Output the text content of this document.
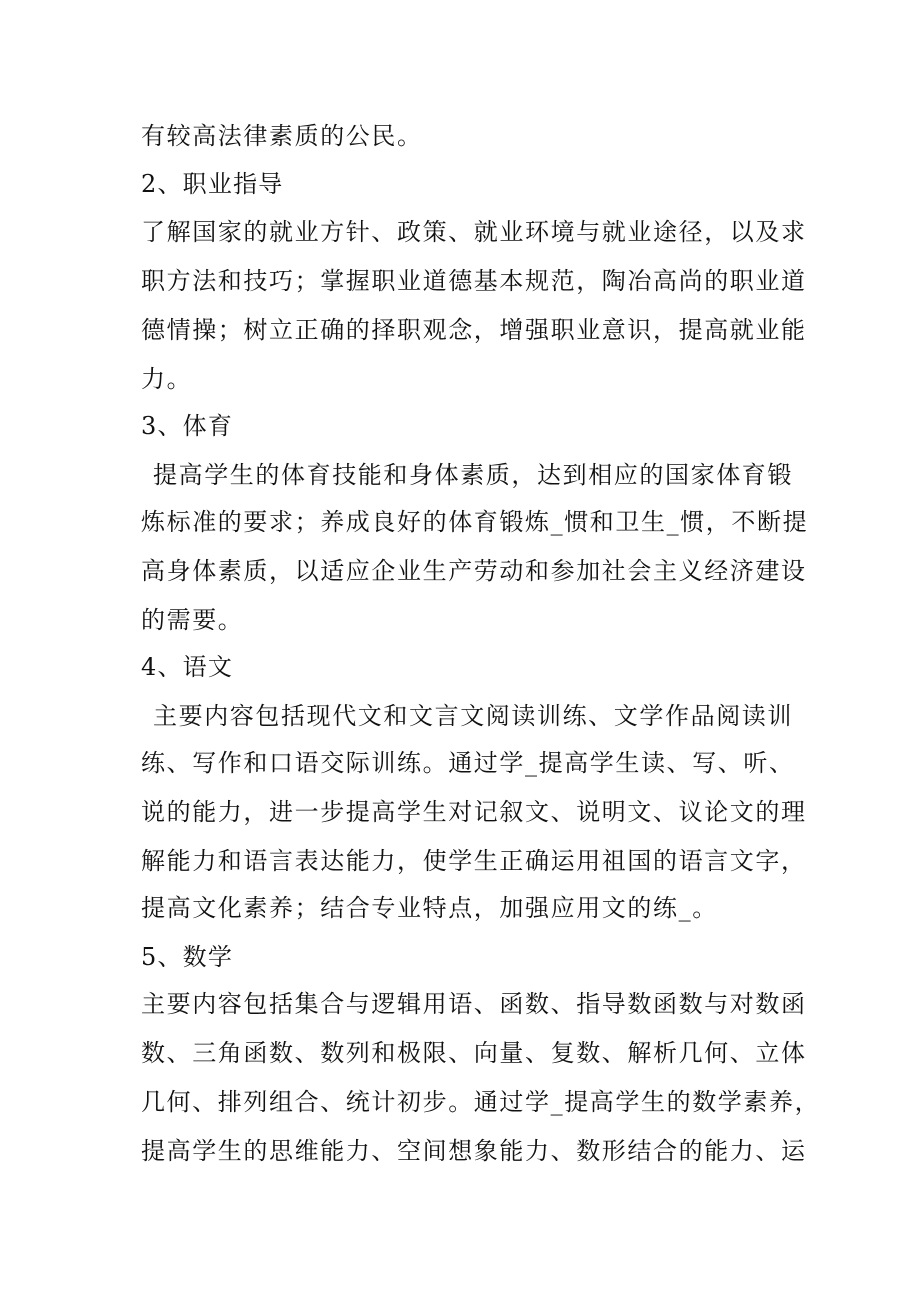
有较高法律素质的公民。
2、职业指导
了解国家的就业方针、政策、就业环境与就业途径，以及求
职方法和技巧；掌握职业道德基本规范，陶冶高尚的职业道
德情操；树立正确的择职观念，增强职业意识，提高就业能
力。
3、体育
提高学生的体育技能和身体素质，达到相应的国家体育锻
炼标准的要求；养成良好的体育锻炼_惯和卫生_惯，不断提
高身体素质，以适应企业生产劳动和参加社会主义经济建设
的需要。
4、语文
主要内容包括现代文和文言文阅读训练、文学作品阅读训
练、写作和口语交际训练。通过学_提高学生读、写、听、
说的能力，进一步提高学生对记叙文、说明文、议论文的理
解能力和语言表达能力，使学生正确运用祖国的语言文字，
提高文化素养；结合专业特点，加强应用文的练_。
5、数学
主要内容包括集合与逻辑用语、函数、指导数函数与对数函
数、三角函数、数列和极限、向量、复数、解析几何、立体
几何、排列组合、统计初步。通过学_提高学生的数学素养，
提高学生的思维能力、空间想象能力、数形结合的能力、运
